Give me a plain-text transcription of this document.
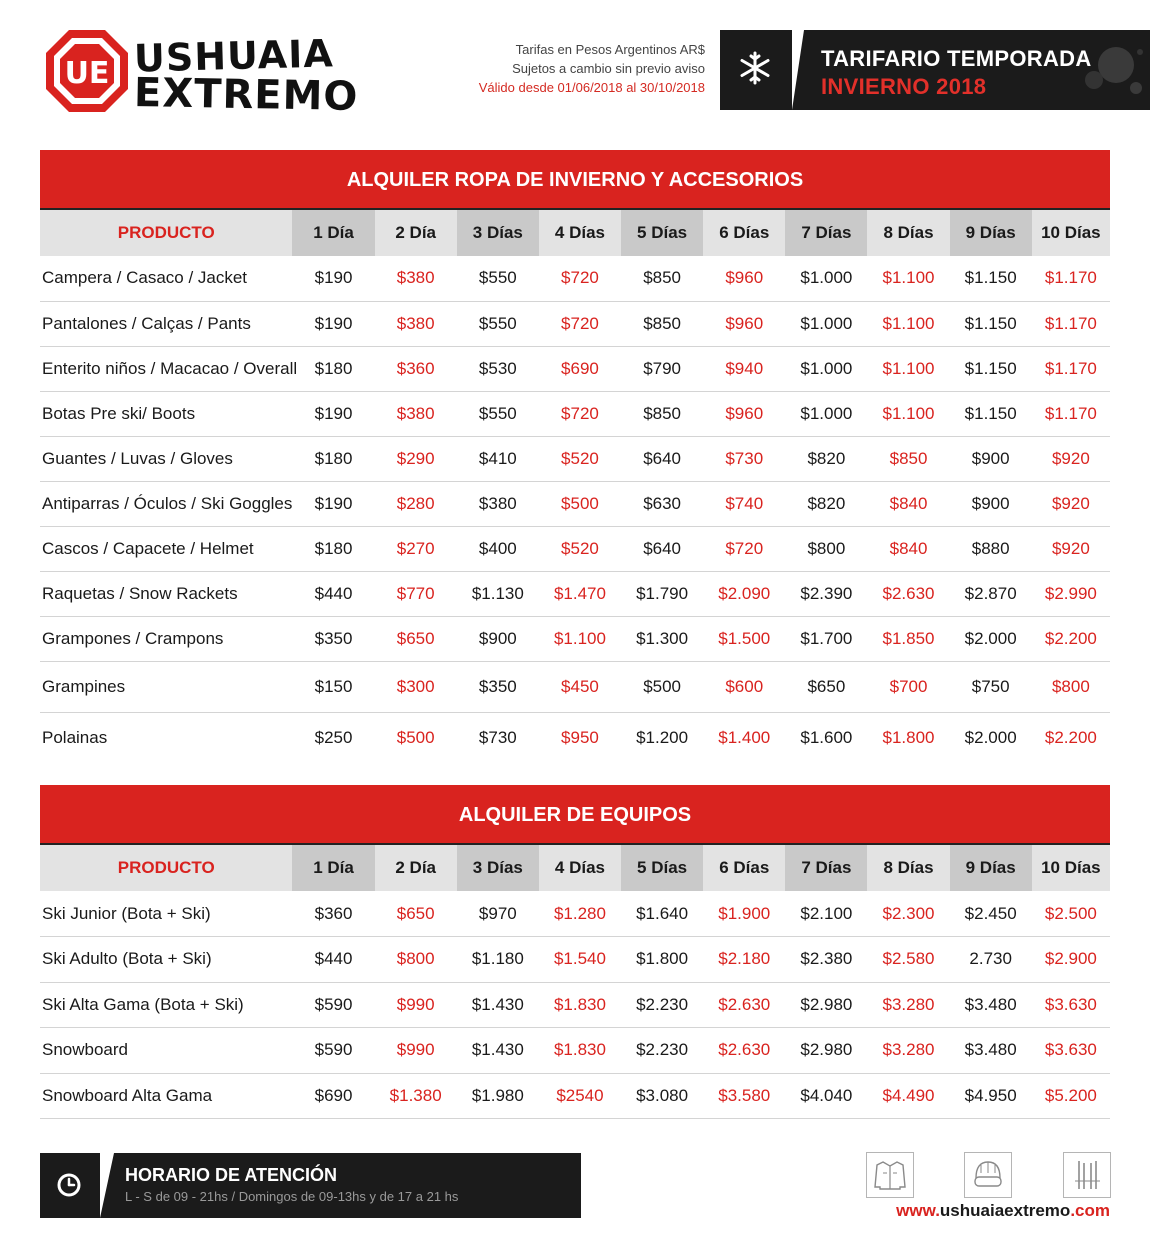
UE USHUAIA
EXTREMO
Tarifas en Pesos Argentinos AR$
Sujetos a cambio sin previo aviso
Válido desde 01/06/2018 al 30/10/2018
TARIFARIO TEMPORADA
INVIERNO 2018
ALQUILER ROPA DE INVIERNO Y ACCESORIOS
PRODUCTO	1 Día	2 Día	3 Días	4 Días	5 Días	6 Días	7 Días	8 Días	9 Días	10 Días
Campera / Casaco / Jacket	$190	$380	$550	$720	$850	$960	$1.000	$1.100	$1.150	$1.170
Pantalones / Calças / Pants	$190	$380	$550	$720	$850	$960	$1.000	$1.100	$1.150	$1.170
Enterito niños / Macacao / Overall	$180	$360	$530	$690	$790	$940	$1.000	$1.100	$1.150	$1.170
Botas Pre ski/ Boots	$190	$380	$550	$720	$850	$960	$1.000	$1.100	$1.150	$1.170
Guantes / Luvas / Gloves	$180	$290	$410	$520	$640	$730	$820	$850	$900	$920
Antiparras / Óculos / Ski Goggles	$190	$280	$380	$500	$630	$740	$820	$840	$900	$920
Cascos / Capacete / Helmet	$180	$270	$400	$520	$640	$720	$800	$840	$880	$920
Raquetas / Snow Rackets	$440	$770	$1.130	$1.470	$1.790	$2.090	$2.390	$2.630	$2.870	$2.990
Grampones / Crampons	$350	$650	$900	$1.100	$1.300	$1.500	$1.700	$1.850	$2.000	$2.200
Grampines	$150	$300	$350	$450	$500	$600	$650	$700	$750	$800
Polainas	$250	$500	$730	$950	$1.200	$1.400	$1.600	$1.800	$2.000	$2.200
ALQUILER DE EQUIPOS
PRODUCTO	1 Día	2 Día	3 Días	4 Días	5 Días	6 Días	7 Días	8 Días	9 Días	10 Días
Ski Junior (Bota + Ski)	$360	$650	$970	$1.280	$1.640	$1.900	$2.100	$2.300	$2.450	$2.500
Ski Adulto (Bota + Ski)	$440	$800	$1.180	$1.540	$1.800	$2.180	$2.380	$2.580	2.730	$2.900
Ski Alta Gama (Bota + Ski)	$590	$990	$1.430	$1.830	$2.230	$2.630	$2.980	$3.280	$3.480	$3.630
Snowboard	$590	$990	$1.430	$1.830	$2.230	$2.630	$2.980	$3.280	$3.480	$3.630
Snowboard Alta Gama	$690	$1.380	$1.980	$2540	$3.080	$3.580	$4.040	$4.490	$4.950	$5.200
HORARIO DE ATENCIÓN
L - S de 09 - 21hs / Domingos de 09-13hs y de 17 a 21 hs
www.ushuaiaextremo.com
